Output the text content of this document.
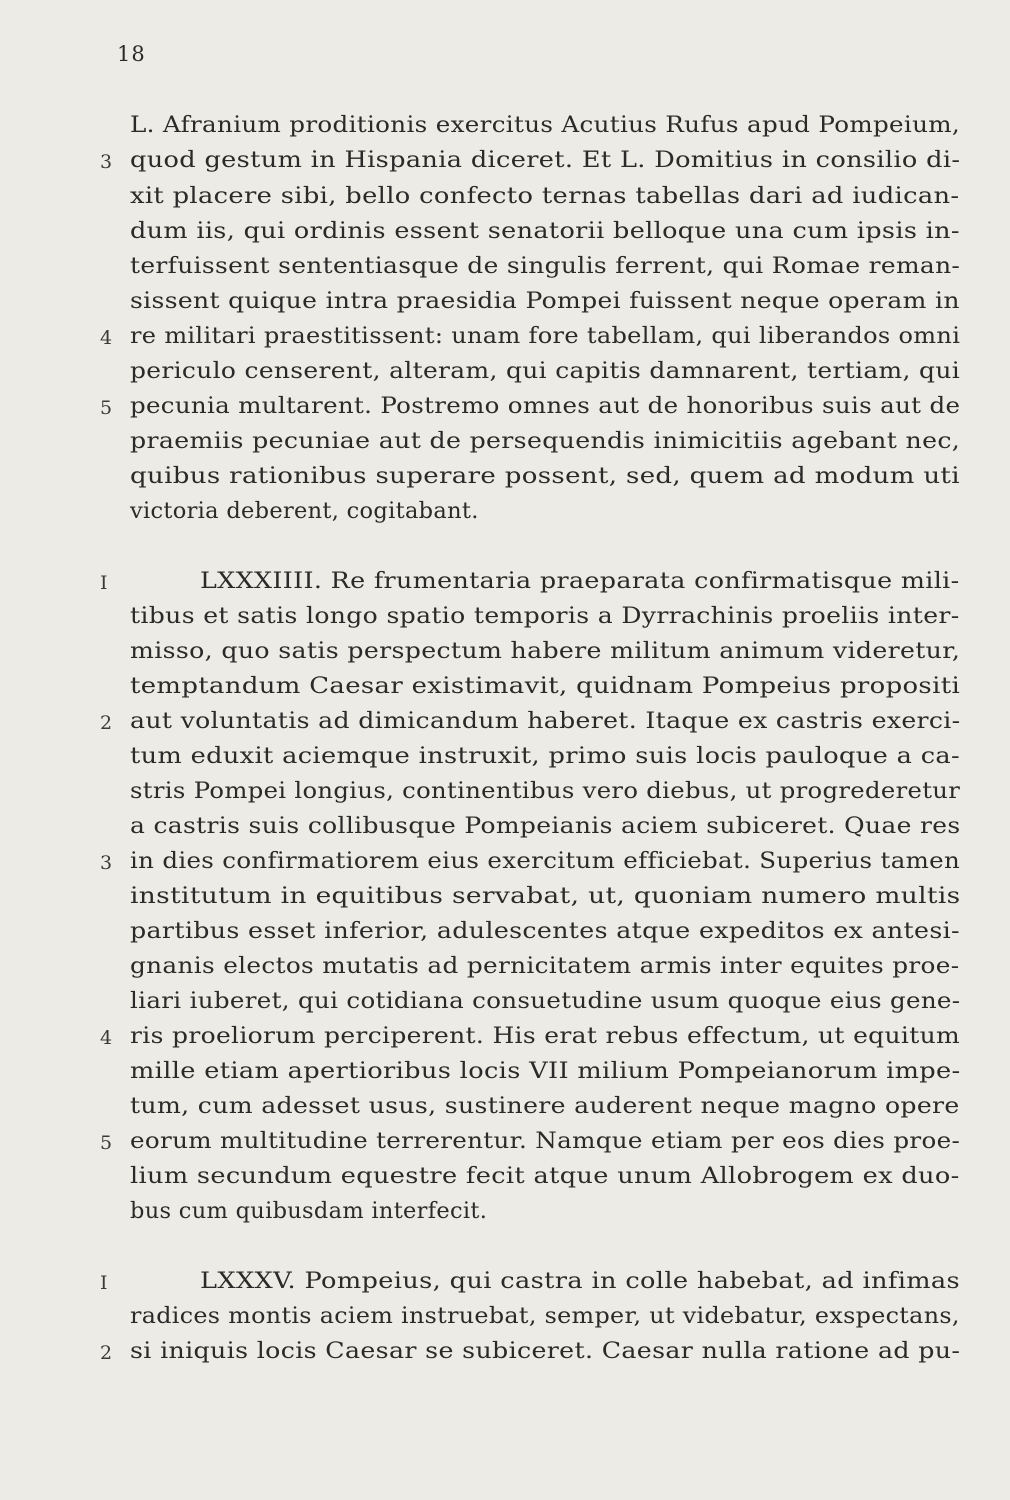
18
L. Afranium proditionis exercitus Acutius Rufus apud Pompeium,
quod gestum in Hispania diceret. Et L. Domitius in consilio di-
3
xit placere sibi, bello confecto ternas tabellas dari ad iudican-
dum iis, qui ordinis essent senatorii belloque una cum ipsis in-
terfuissent sententiasque de singulis ferrent, qui Romae reman-
sissent quique intra praesidia Pompei fuissent neque operam in
re militari praestitissent: unam fore tabellam, qui liberandos omni
4
periculo censerent, alteram, qui capitis damnarent, tertiam, qui
pecunia multarent. Postremo omnes aut de honoribus suis aut de
5
praemiis pecuniae aut de persequendis inimicitiis agebant nec,
quibus rationibus superare possent, sed, quem ad modum uti
victoria deberent, cogitabant.
LXXXIIII. Re frumentaria praeparata confirmatisque mili-
I
tibus et satis longo spatio temporis a Dyrrachinis proeliis inter-
misso, quo satis perspectum habere militum animum videretur,
temptandum Caesar existimavit, quidnam Pompeius propositi
aut voluntatis ad dimicandum haberet. Itaque ex castris exerci-
2
tum eduxit aciemque instruxit, primo suis locis pauloque a ca-
stris Pompei longius, continentibus vero diebus, ut progrederetur
a castris suis collibusque Pompeianis aciem subiceret. Quae res
in dies confirmatiorem eius exercitum efficiebat. Superius tamen
3
institutum in equitibus servabat, ut, quoniam numero multis
partibus esset inferior, adulescentes atque expeditos ex antesi-
gnanis electos mutatis ad pernicitatem armis inter equites proe-
liari iuberet, qui cotidiana consuetudine usum quoque eius gene-
ris proeliorum perciperent. His erat rebus effectum, ut equitum
4
mille etiam apertioribus locis VII milium Pompeianorum impe-
tum, cum adesset usus, sustinere auderent neque magno opere
eorum multitudine terrerentur. Namque etiam per eos dies proe-
5
lium secundum equestre fecit atque unum Allobrogem ex duo-
bus cum quibusdam interfecit.
LXXXV. Pompeius, qui castra in colle habebat, ad infimas
I
radices montis aciem instruebat, semper, ut videbatur, exspectans,
si iniquis locis Caesar se subiceret. Caesar nulla ratione ad pu-
2
